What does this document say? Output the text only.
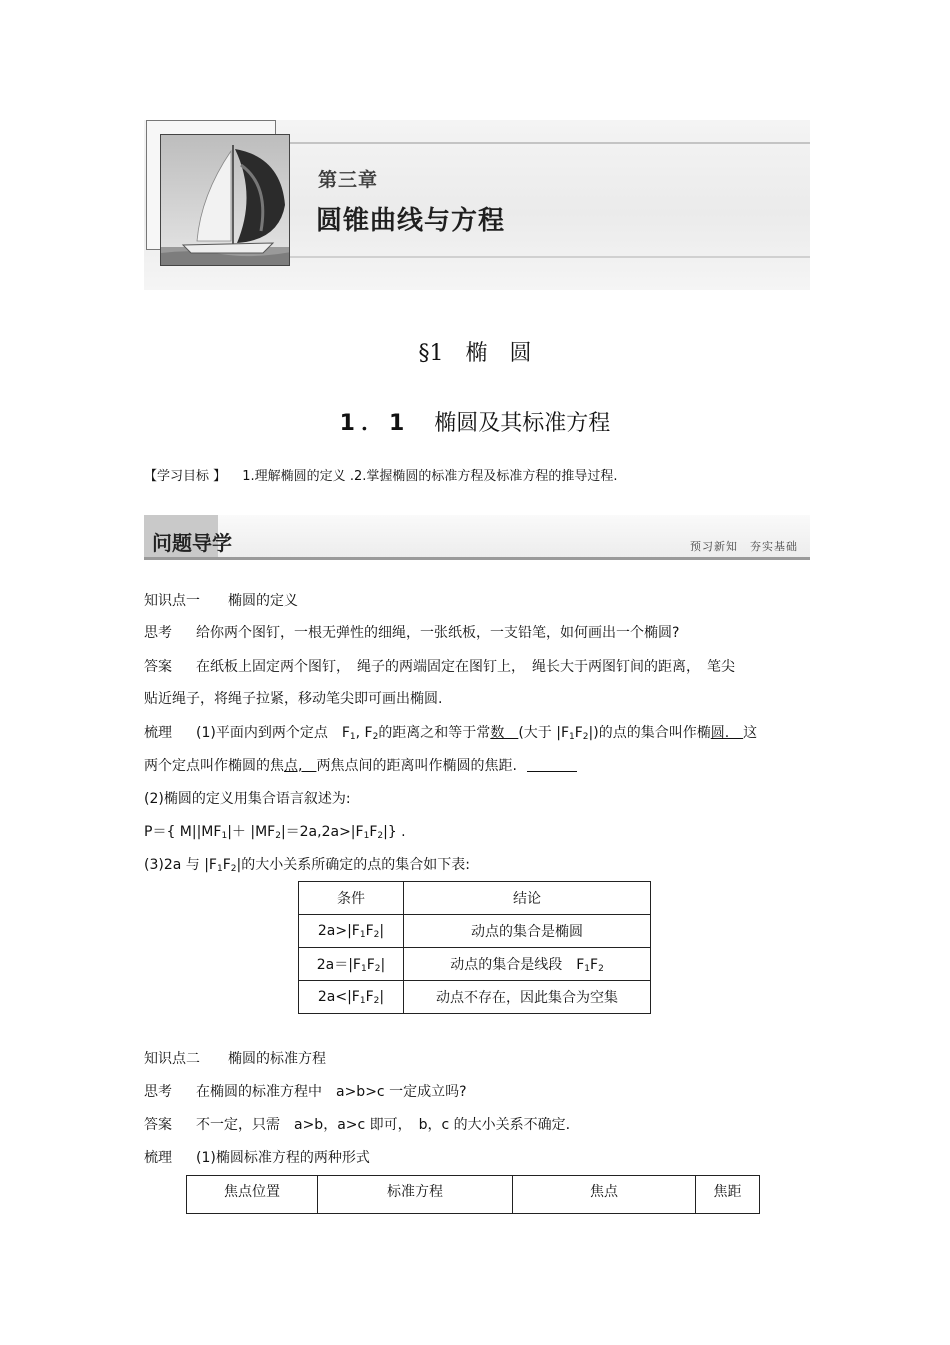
第三章
圆锥曲线与方程
§1　椭　圆
1．1 椭圆及其标准方程
【学习目标 】 1.理解椭圆的定义 .2.掌握椭圆的标准方程及标准方程的推导过程.
问题导学	预习新知　夯实基础
知识点一　　椭圆的定义
思考 给你两个图钉，一根无弹性的细绳，一张纸板，一支铅笔，如何画出一个椭圆?
答案 在纸板上固定两个图钉，　绳子的两端固定在图钉上，　绳长大于两图钉间的距离，　笔尖
贴近绳子，将绳子拉紧，移动笔尖即可画出椭圆.
梳理 (1)平面内到两个定点　$F_1$, $F_2$的距离之和等于常数　(大于 $|F_1F_2|$)的点的集合叫作椭圆.　这
两个定点叫作椭圆的焦点,　两焦点间的距离叫作椭圆的焦距.
(2)椭圆的定义用集合语言叙述为:
P＝{ $M||MF_1|+ |MF_2|=2a,2a>|F_1F_2|$} .
(3)2a 与 $|F_1F_2|$的大小关系所确定的点的集合如下表:
条件	结论
$2a>|F_1F_2|$	动点的集合是椭圆
$2a=|F_1F_2|$	动点的集合是线段　$F_1F_2$
$2a<|F_1F_2|$	动点不存在，因此集合为空集
知识点二　　椭圆的标准方程
思考 在椭圆的标准方程中　a>b>c 一定成立吗?
答案 不一定，只需　a>b，a>c 即可，　b，c 的大小关系不确定.
梳理 (1)椭圆标准方程的两种形式
焦点位置	标准方程	焦点	焦距
